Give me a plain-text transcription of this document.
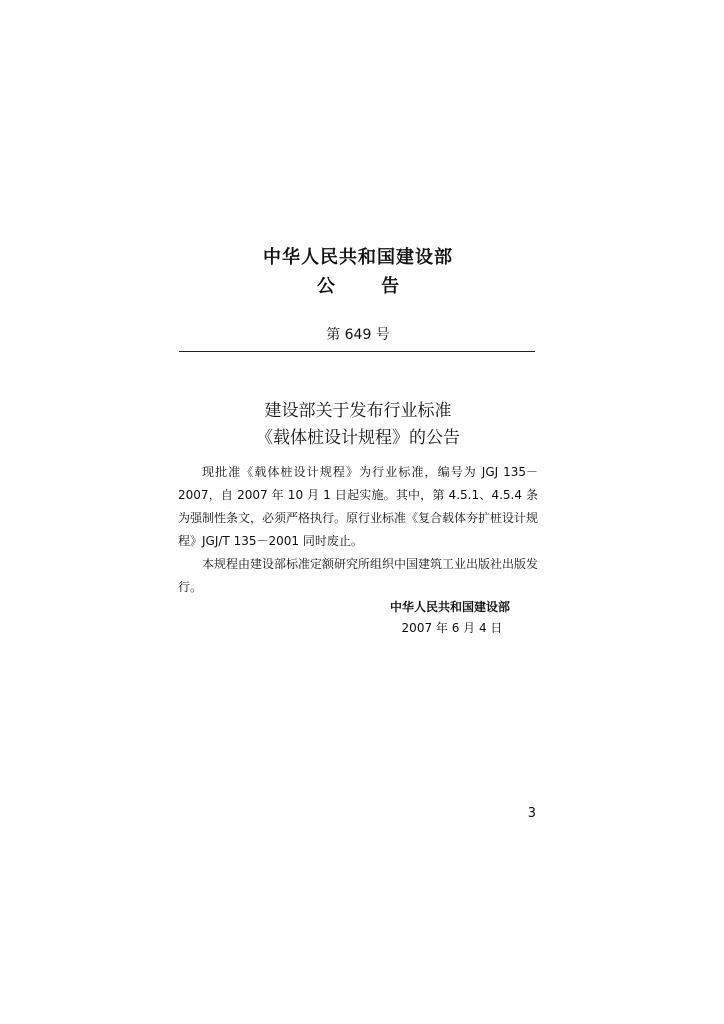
中华人民共和国建设部
公 告
第 649 号
建设部关于发布行业标准
《载体桩设计规程》的公告

现批准《载体桩设计规程》为行业标准，编号为 JGJ 135－2007，自 2007 年 10 月 1 日起实施。其中，第 4.5.1、4.5.4 条为强制性条文，必须严格执行。原行业标准《复合载体夯扩桩设计规程》JGJ/T 135－2001 同时废止。

本规程由建设部标准定额研究所组织中国建筑工业出版社出版发行。

中华人民共和国建设部
2007 年 6 月 4 日
3
